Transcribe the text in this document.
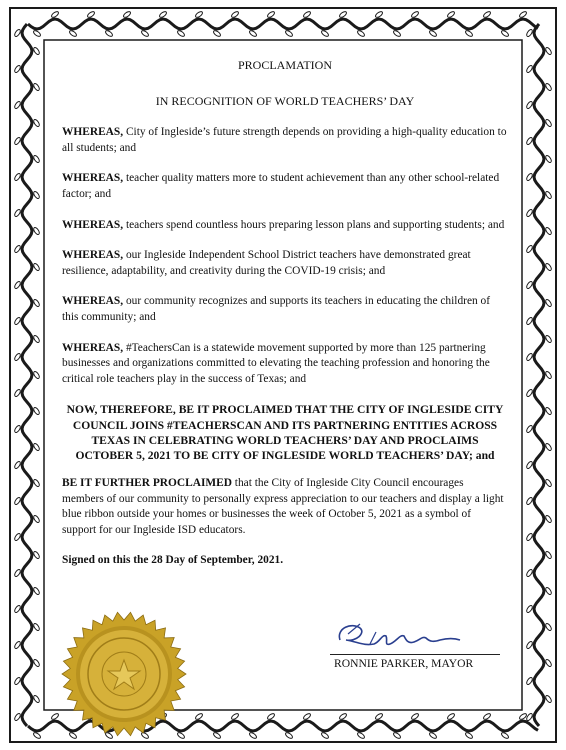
PROCLAMATION

IN RECOGNITION OF WORLD TEACHERS’ DAY

WHEREAS, City of Ingleside’s future strength depends on providing a high-quality education to all students; and

WHEREAS, teacher quality matters more to student achievement than any other school-related factor; and

WHEREAS, teachers spend countless hours preparing lesson plans and supporting students; and

WHEREAS, our Ingleside Independent School District teachers have demonstrated great resilience, adaptability, and creativity during the COVID-19 crisis; and

WHEREAS, our community recognizes and supports its teachers in educating the children of this community; and

WHEREAS, #TeachersCan is a statewide movement supported by more than 125 partnering businesses and organizations committed to elevating the teaching profession and honoring the critical role teachers play in the success of Texas; and

NOW, THEREFORE, BE IT PROCLAIMED THAT THE CITY OF INGLESIDE CITY COUNCIL JOINS #TEACHERSCAN AND ITS PARTNERING ENTITIES ACROSS TEXAS IN CELEBRATING WORLD TEACHERS’ DAY AND PROCLAIMS OCTOBER 5, 2021 TO BE CITY OF INGLESIDE WORLD TEACHERS’ DAY; and

BE IT FURTHER PROCLAIMED that the City of Ingleside City Council encourages members of our community to personally express appreciation to our teachers and display a light blue ribbon outside your homes or businesses the week of October 5, 2021 as a symbol of support for our Ingleside ISD educators.

Signed on this the 28 Day of September, 2021.

RONNIE PARKER, MAYOR
